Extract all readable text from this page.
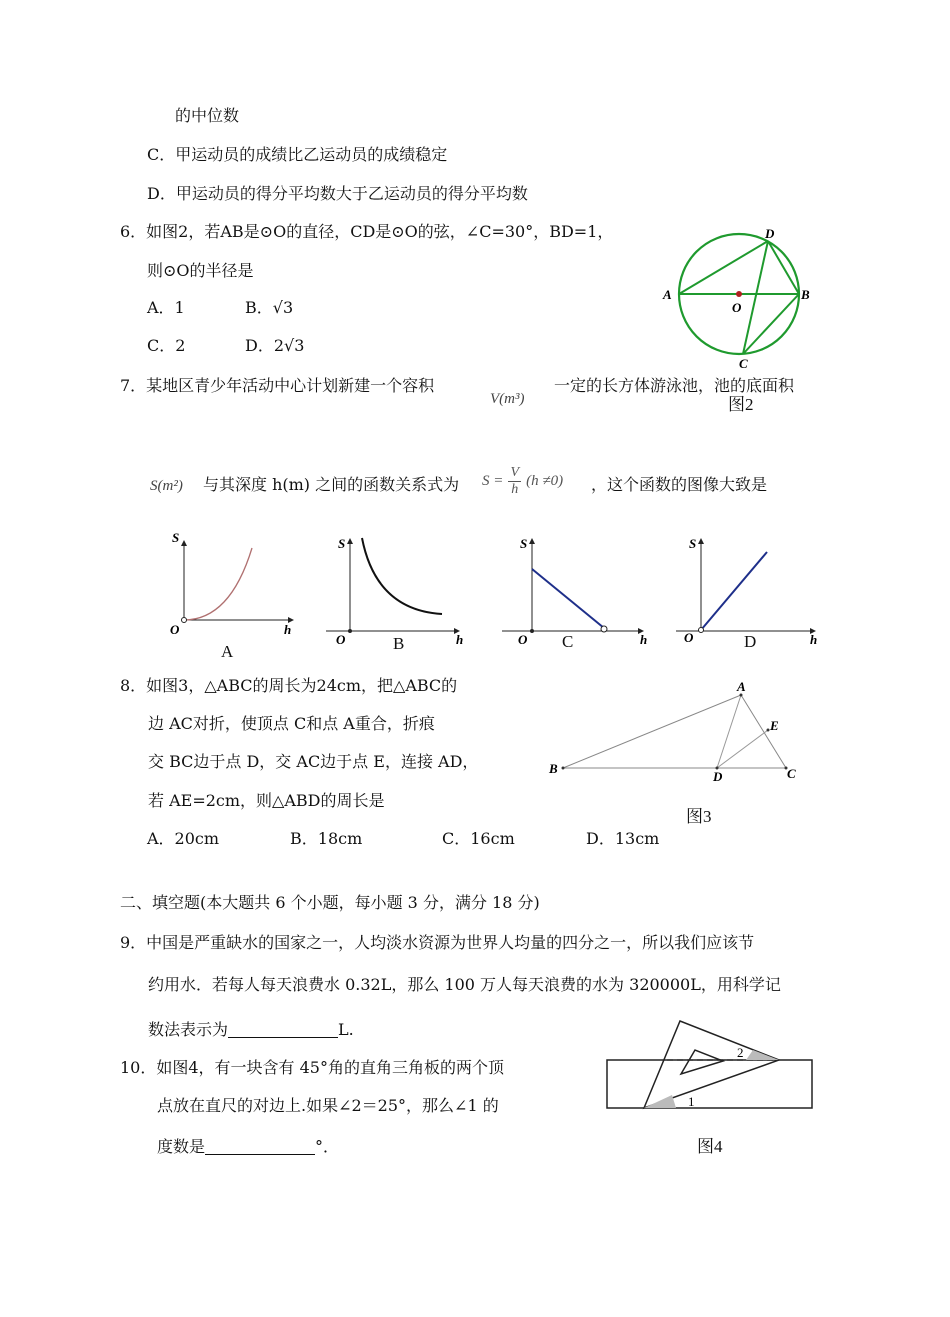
的中位数
C．甲运动员的成绩比乙运动员的成绩稳定
D．甲运动员的得分平均数大于乙运动员的得分平均数
6．如图2，若AB是⊙O的直径，CD是⊙O的弦，∠C=30°，BD=1，
则⊙O的半径是
A．1	B．√3
C．2	D．2√3
A	B
C
D
O
图2
7．某地区青少年活动中心计划新建一个容积
V(m³)
一定的长方体游泳池，池的底面积
S(m²) 与其深度 h(m) 之间的函数关系式为 $S = \frac{V}{h} (h \ne 0)$ ，这个函数的图像大致是
S
h
O
A
S
h
O	B
S
h
O C
S
h
O	D
8．如图3，△ABC的周长为24cm，把△ABC的
边 AC对折，使顶点 C和点 A重合，折痕
交 BC边于点 D，交 AC边于点 E，连接 AD，
若 AE=2cm，则△ABD的周长是
A．20cm	B．18cm	C．16cm	D．13cm
A
B	C
D
E
图3
二、填空题(本大题共 6 个小题，每小题 3 分，满分 18 分)
9．中国是严重缺水的国家之一，人均淡水资源为世界人均量的四分之一，所以我们应该节
约用水．若每人每天浪费水 0.32L，那么 100 万人每天浪费的水为 320000L，用科学记
数法表示为	L.
10．如图4，有一块含有 45°角的直角三角板的两个顶
点放在直尺的对边上.如果∠2＝25°，那么∠1 的
度数是	°．
1
2
图4
